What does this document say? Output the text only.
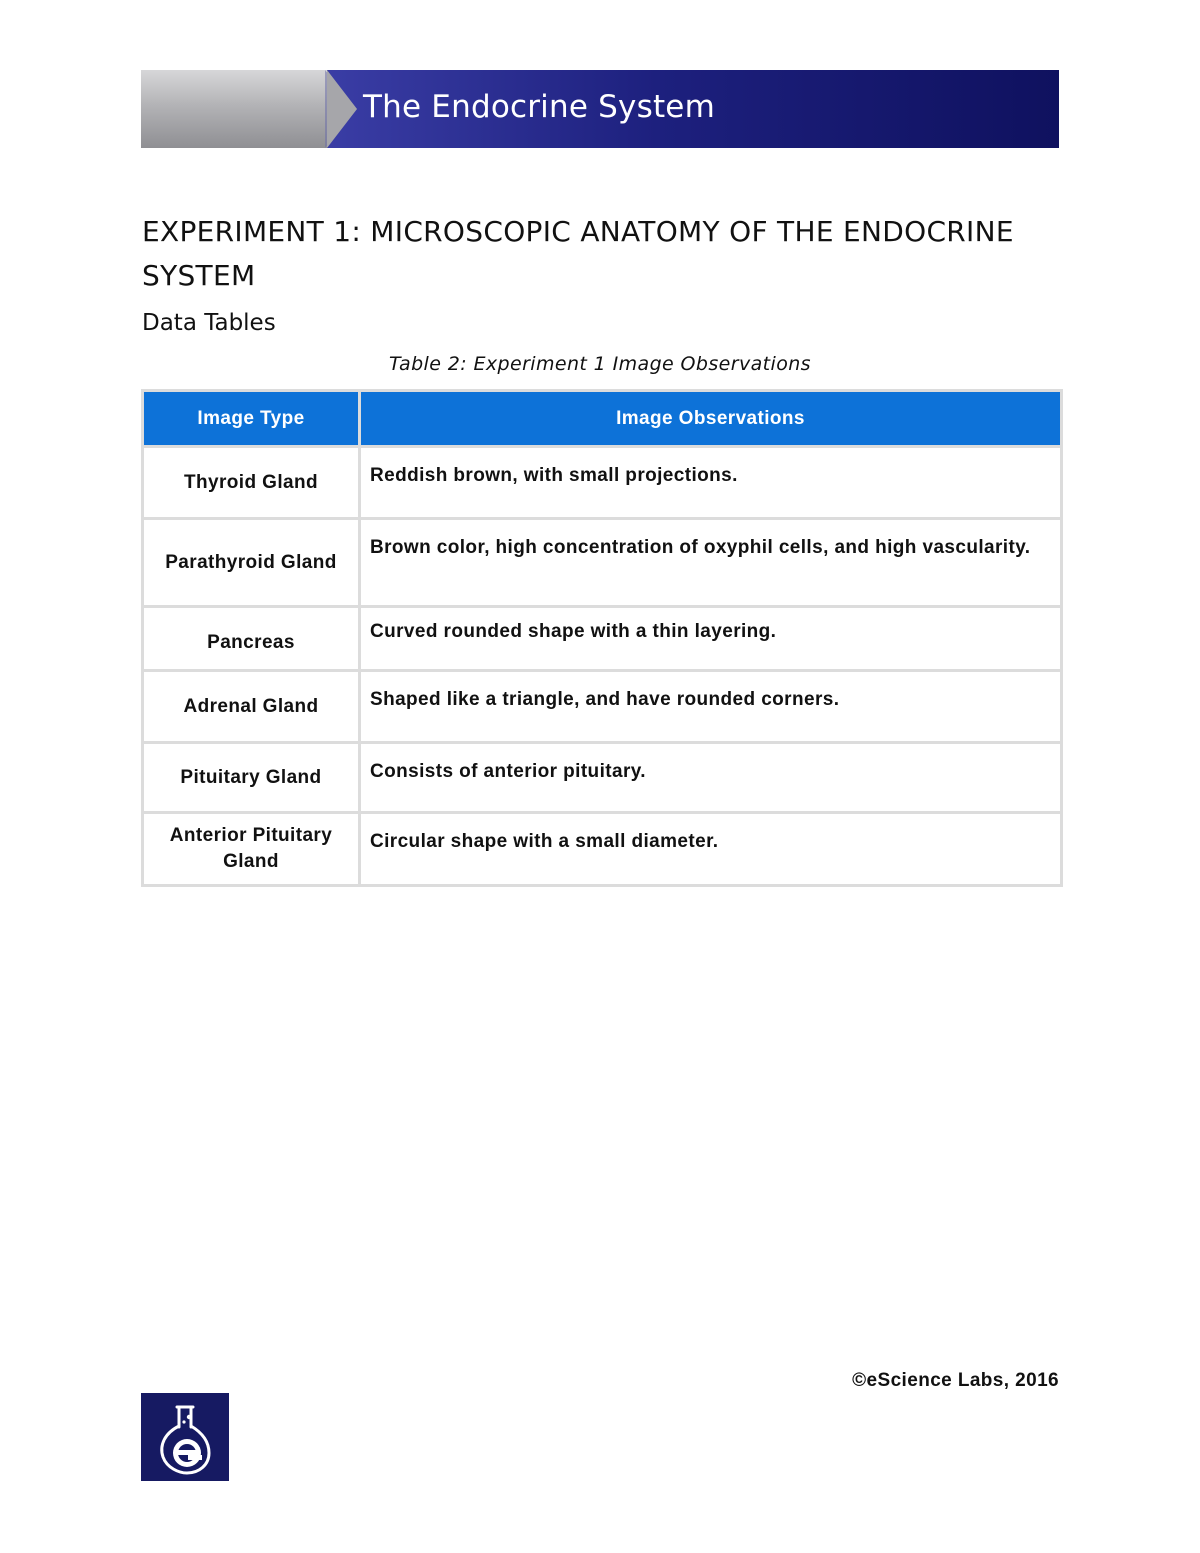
The Endocrine System
EXPERIMENT 1: MICROSCOPIC ANATOMY OF THE ENDOCRINE SYSTEM
Data Tables
Table 2: Experiment 1 Image Observations
Image Type	Image Observations
Thyroid Gland	Reddish brown, with small projections.
Parathyroid Gland	Brown color, high concentration of oxyphil cells, and high vascularity.
Pancreas	Curved rounded shape with a thin layering.
Adrenal Gland	Shaped like a triangle, and have rounded corners.
Pituitary Gland	Consists of anterior pituitary.
Anterior Pituitary Gland	Circular shape with a small diameter.
©eScience Labs, 2016
